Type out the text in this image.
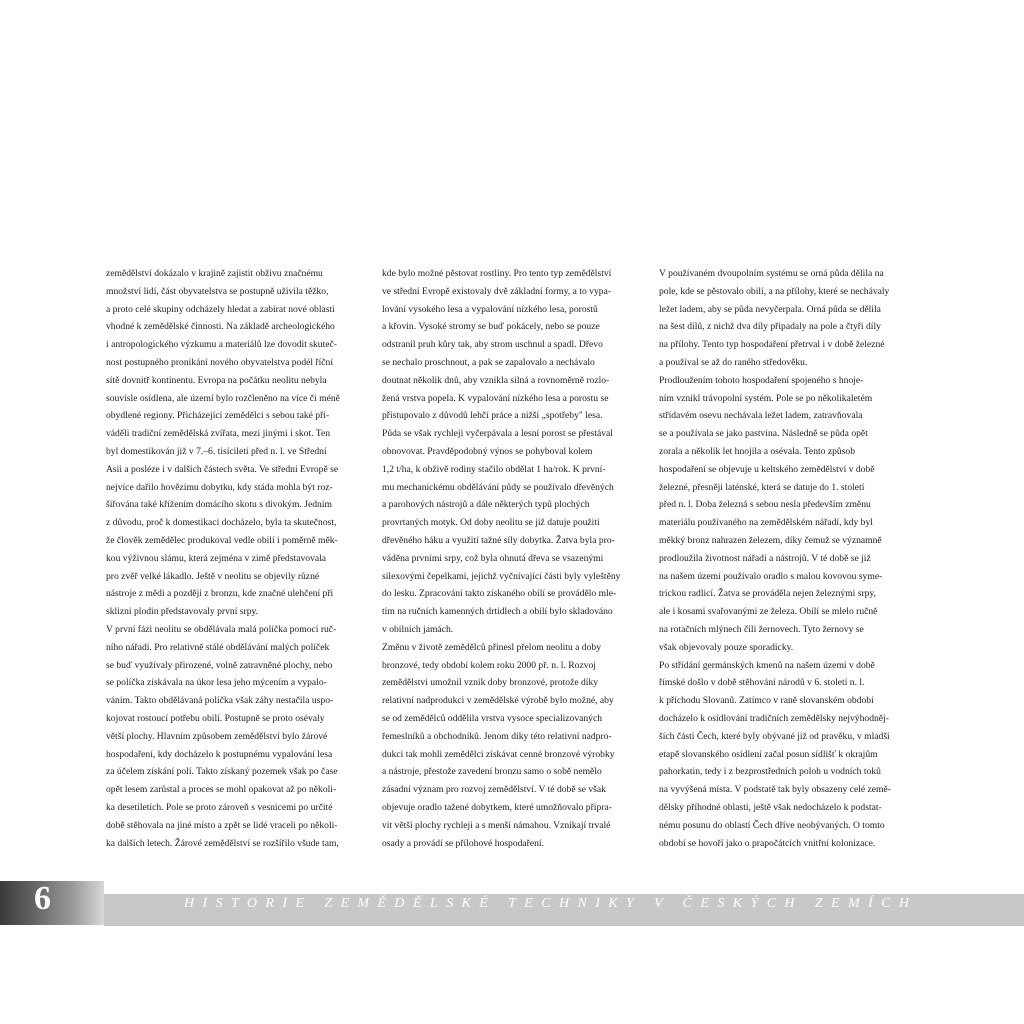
zemědělství dokázalo v krajině zajistit obživu značnému
množství lidí, část obyvatelstva se postupně uživila těžko,
a proto celé skupiny odcházely hledat a zabírat nové oblasti
vhodné k zemědělské činnosti. Na základě archeologického
i antropologického výzkumu a materiálů lze dovodit skuteč-
nost postupného pronikání nového obyvatelstva podél říční
sítě dovnitř kontinentu. Evropa na počátku neolitu nebyla
souvisle osídlena, ale území bylo rozčleněno na více či méně
obydlené regiony. Přicházející zemědělci s sebou také při-
váděli tradiční zemědělská zvířata, mezi jinými i skot. Ten
byl domestikován již v 7.–6. tisíciletí před n. l. ve Střední
Asii a posléze i v dalších částech světa. Ve střední Evropě se
nejvíce dařilo hovězímu dobytku, kdy stáda mohla být roz-
šiřována také křížením domácího skotu s divokým. Jedním
z důvodu, proč k domestikaci docházelo, byla ta skutečnost,
že člověk zemědělec produkoval vedle obilí i poměrně měk-
kou výživnou slámu, která zejména v zimě představovala
pro zvěř velké lákadlo. Ještě v neolitu se objevily různé
nástroje z mědi a později z bronzu, kde značné ulehčení při
sklizni plodin představovaly první srpy.
V první fázi neolitu se obdělávala malá políčka pomocí ruč-
ního nářadí. Pro relativně stálé obdělávání malých políček
se buď využívaly přirozené, volně zatravněné plochy, nebo
se políčka získávala na úkor lesa jeho mýcením a vypalo-
váním. Takto obdělávaná políčka však záhy nestačila uspo-
kojovat rostoucí potřebu obilí. Postupně se proto osévaly
větší plochy. Hlavním způsobem zemědělství bylo žárové
hospodaření, kdy docházelo k postupnému vypalování lesa
za účelem získání polí. Takto získaný pozemek však po čase
opět lesem zarůstal a proces se mohl opakovat až po několi-
ka desetiletích. Pole se proto zároveň s vesnicemi po určité
době stěhovala na jiné místo a zpět se lidé vraceli po několi-
ka dalších letech. Žárové zemědělství se rozšířilo všude tam,
kde bylo možné pěstovat rostliny. Pro tento typ zemědělství
ve střední Evropě existovaly dvě základní formy, a to vypa-
lování vysokého lesa a vypalování nízkého lesa, porostů
a křovin. Vysoké stromy se buď pokácely, nebo se pouze
odstranil pruh kůry tak, aby strom uschnul a spadl. Dřevo
se nechalo proschnout, a pak se zapalovalo a nechávalo
doutnat několik dnů, aby vznikla silná a rovnoměrně rozlo-
žená vrstva popela. K vypalování nízkého lesa a porostu se
přistupovalo z důvodů lehčí práce a nižší „spotřeby" lesa.
Půda se však rychleji vyčerpávala a lesní porost se přestával
obnovovat. Pravděpodobný výnos se pohyboval kolem
1,2 t/ha, k obživě rodiny stačilo obdělat 1 ha/rok. K první-
mu mechanickému obdělávání půdy se používalo dřevěných
a parohových nástrojů a dále některých typů plochých
provrtaných motyk. Od doby neolitu se již datuje použití
dřevěného háku a využití tažné síly dobytka. Žatva byla pro-
váděna prvními srpy, což byla ohnutá dřeva se vsazenými
silexovými čepelkami, jejichž vyčnívající části byly vyleštěny
do lesku. Zpracování takto získaného obilí se provádělo mle-
tím na ručních kamenných drtidlech a obilí bylo skladováno
v obilních jamách.
Změnu v životě zemědělců přinesl přelom neolitu a doby
bronzové, tedy období kolem roku 2000 př. n. l. Rozvoj
zemědělství umožnil vznik doby bronzové, protože díky
relativní nadprodukci v zemědělské výrobě bylo možné, aby
se od zemědělců oddělila vrstva vysoce specializovaných
řemeslníků a obchodníků. Jenom díky této relativní nadpro-
dukci tak mohli zemědělci získávat cenné bronzové výrobky
a nástroje, přestože zavedení bronzu samo o sobě nemělo
zásadní význam pro rozvoj zemědělství. V té době se však
objevuje oradlo tažené dobytkem, které umožňovalo připra-
vit větší plochy rychleji a s menší námahou. Vznikají trvalé
osady a provádí se přílohové hospodaření.
V používaném dvoupolním systému se orná půda dělila na
pole, kde se pěstovalo obilí, a na přílohy, které se nechávaly
ležet ladem, aby se půda nevyčerpala. Orná půda se dělila
na šest dílů, z nichž dva díly připadaly na pole a čtyři díly
na přílohy. Tento typ hospodaření přetrval i v době železné
a používal se až do raného středověku.
Prodloužením tohoto hospodaření spojeného s hnoje-
ním vznikl trávopolní systém. Pole se po několikaletém
střídavém osevu nechávala ležet ladem, zatravňovala
se a používala se jako pastvina. Následně se půda opět
zorala a několik let hnojila a osévala. Tento způsob
hospodaření se objevuje u keltského zemědělství v době
železné, přesněji laténské, která se datuje do 1. století
před n. l. Doba železná s sebou nesla především změnu
materiálu používaného na zemědělském nářadí, kdy byl
měkký bronz nahrazen železem, díky čemuž se významně
prodloužila životnost nářadí a nástrojů. V té době se již
na našem území používalo oradlo s malou kovovou syme-
trickou radlicí. Žatva se prováděla nejen železnými srpy,
ale i kosami svařovanými ze železa. Obilí se mlelo ručně
na rotačních mlýnech čili žernovech. Tyto žernovy se
však objevovaly pouze sporadicky.
Po střídání germánských kmenů na našem území v době
římské došlo v době stěhování národů v 6. století n. l.
k příchodu Slovanů. Zatímco v raně slovanském období
docházelo k osídlování tradičních zemědělsky nejvýhodněj-
ších částí Čech, které byly obývané již od pravěku, v mladší
etapě slovanského osídlení začal posun sídlišť k okrajům
pahorkatin, tedy i z bezprostředních poloh u vodních toků
na vyvýšená místa. V podstatě tak byly obsazeny celé země-
dělsky příhodné oblasti, ještě však nedocházelo k podstat-
nému posunu do oblastí Čech dříve neobývaných. O tomto
období se hovoří jako o prapočátcích vnitřní kolonizace.
6	HISTORIE ZEMĚDĚLSKÉ TECHNIKY V ČESKÝCH ZEMÍCH
